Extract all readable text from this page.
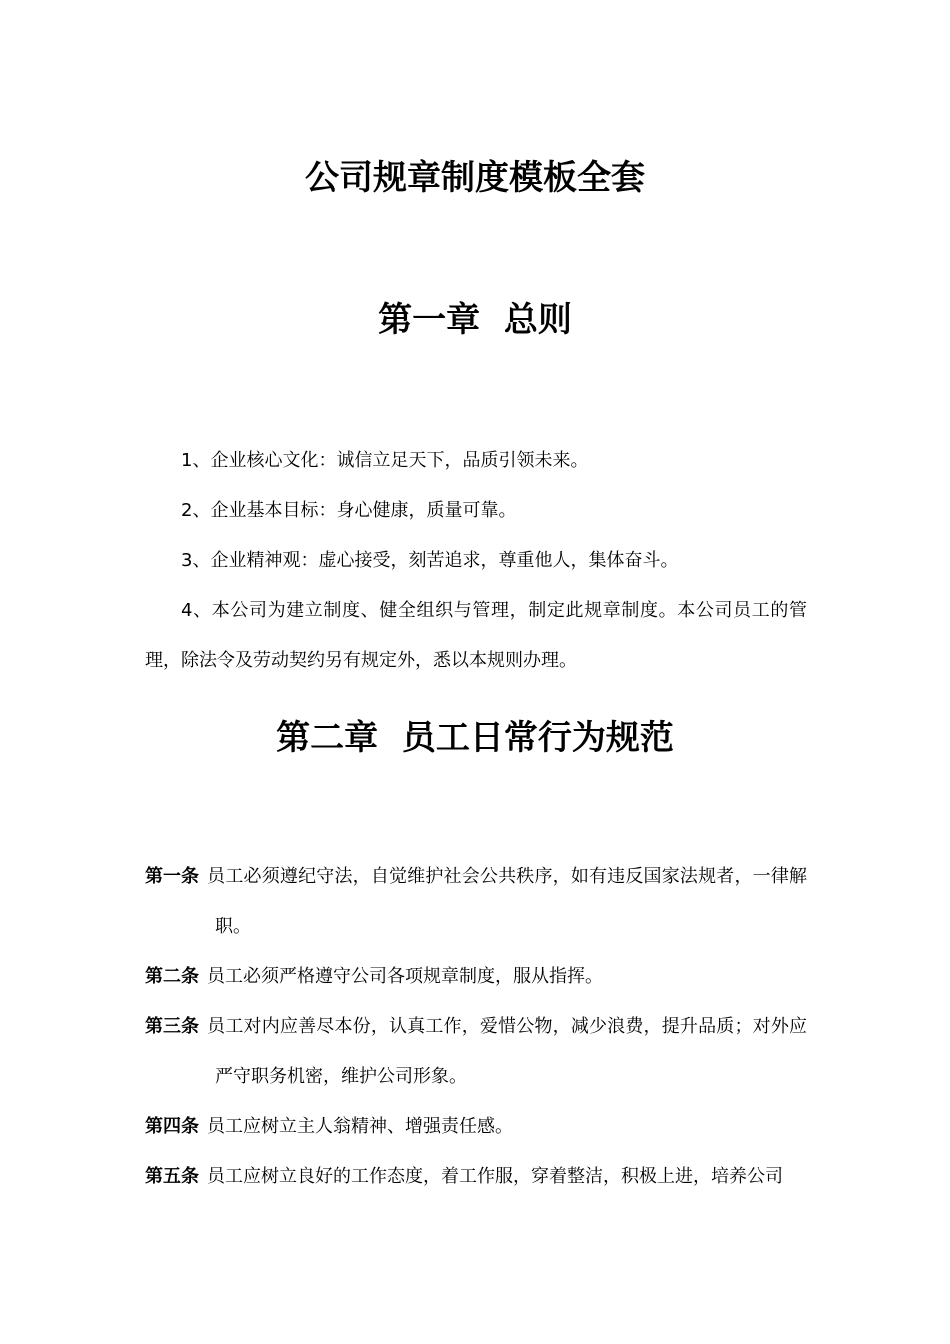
公司规章制度模板全套
第一章  总则

1、企业核心文化：诚信立足天下，品质引领未来。

2、企业基本目标：身心健康，质量可靠。

3、企业精神观：虚心接受，刻苦追求，尊重他人，集体奋斗。

4、本公司为建立制度、健全组织与管理，制定此规章制度。本公司员工的管理，除法令及劳动契约另有规定外，悉以本规则办理。

第二章  员工日常行为规范

第一条 员工必须遵纪守法，自觉维护社会公共秩序，如有违反国家法规者，一律解职。

第二条 员工必须严格遵守公司各项规章制度，服从指挥。

第三条 员工对内应善尽本份，认真工作，爱惜公物，减少浪费，提升品质；对外应严守职务机密，维护公司形象。

第四条 员工应树立主人翁精神、增强责任感。

第五条 员工应树立良好的工作态度，着工作服，穿着整洁，积极上进，培养公司
